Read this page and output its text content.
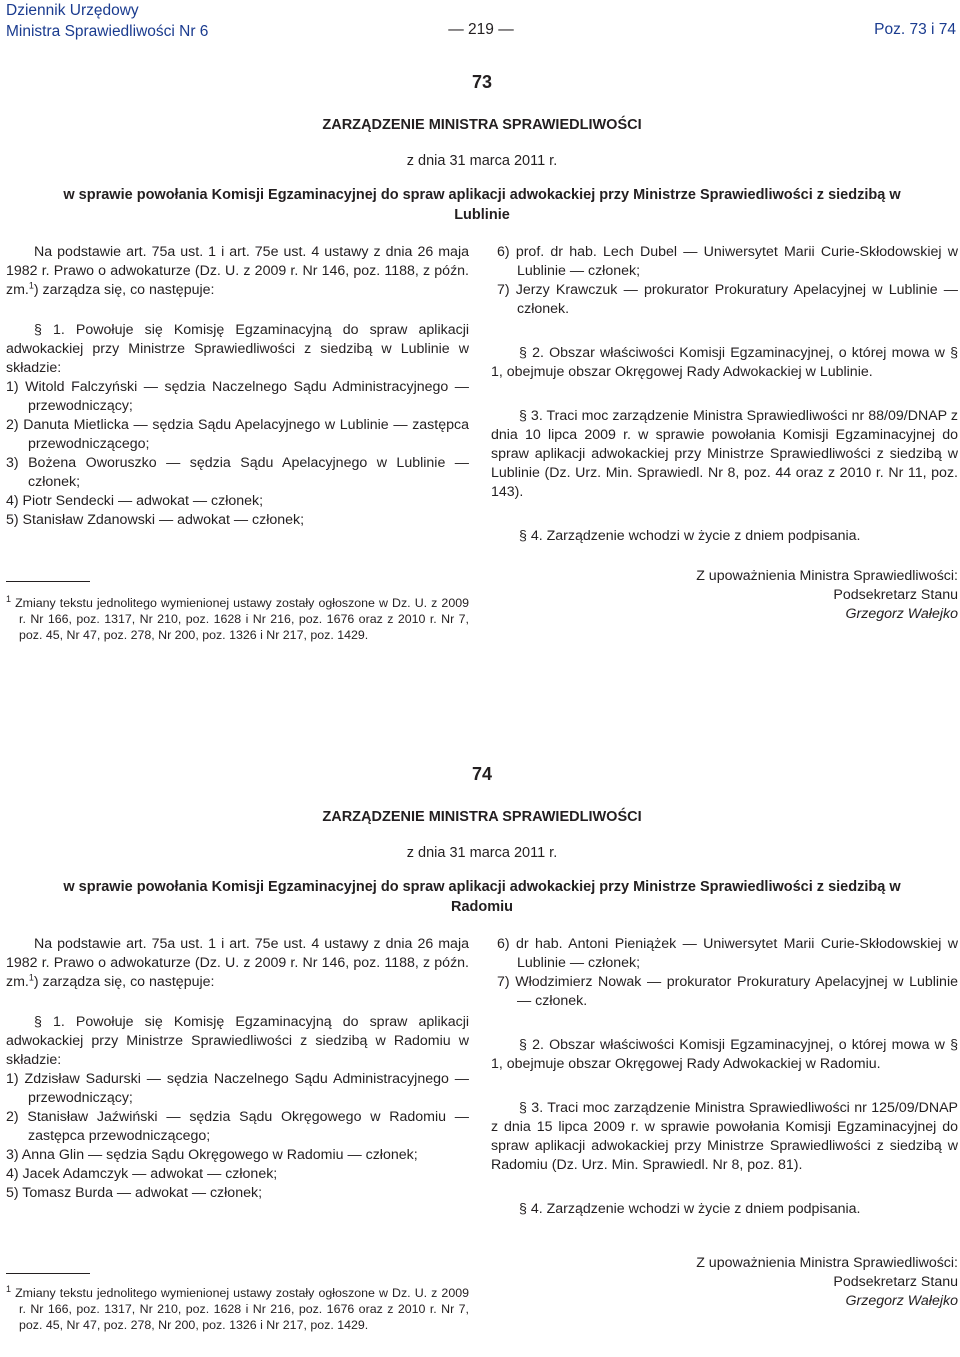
Dziennik Urzędowy
Ministra Sprawiedliwości Nr 6	— 219 —	Poz. 73 i 74
73
ZARZĄDZENIE MINISTRA SPRAWIEDLIWOŚCI
z dnia 31 marca 2011 r.
w sprawie powołania Komisji Egzaminacyjnej do spraw aplikacji adwokackiej przy Ministrze Sprawiedliwości z siedzibą w Lublinie

Na podstawie art. 75a ust. 1 i art. 75e ust. 4 ustawy z dnia 26 maja 1982 r. Prawo o adwokaturze (Dz. U. z 2009 r. Nr 146, poz. 1188, z późn. zm.$^1$) zarządza się, co następuje:

§ 1. Powołuje się Komisję Egzaminacyjną do spraw aplikacji adwokackiej przy Ministrze Sprawiedliwości z siedzibą w Lublinie w składzie:

1) Witold Falczyński — sędzia Naczelnego Sądu Administracyjnego — przewodniczący;

2) Danuta Mietlicka — sędzia Sądu Apelacyjnego w Lublinie — zastępca przewodniczącego;

3) Bożena Oworuszko — sędzia Sądu Apelacyjnego w Lublinie — członek;

4) Piotr Sendecki — adwokat — członek;

5) Stanisław Zdanowski — adwokat — członek;

$^1$ Zmiany tekstu jednolitego wymienionej ustawy zostały ogłoszone w Dz. U. z 2009 r. Nr 166, poz. 1317, Nr 210, poz. 1628 i Nr 216, poz. 1676 oraz z 2010 r. Nr 7, poz. 45, Nr 47, poz. 278, Nr 200, poz. 1326 i Nr 217, poz. 1429.

6) prof. dr hab. Lech Dubel — Uniwersytet Marii Curie-Skłodowskiej w Lublinie — członek;

7) Jerzy Krawczuk — prokurator Prokuratury Apelacyjnej w Lublinie — członek.

§ 2. Obszar właściwości Komisji Egzaminacyjnej, o której mowa w § 1, obejmuje obszar Okręgowej Rady Adwokackiej w Lublinie.

§ 3. Traci moc zarządzenie Ministra Sprawiedliwości nr 88/09/DNAP z dnia 10 lipca 2009 r. w sprawie powołania Komisji Egzaminacyjnej do spraw aplikacji adwokackiej przy Ministrze Sprawiedliwości z siedzibą w Lublinie (Dz. Urz. Min. Sprawiedl. Nr 8, poz. 44 oraz z 2010 r. Nr 11, poz. 143).

§ 4. Zarządzenie wchodzi w życie z dniem podpisania.

Z upoważnienia Ministra Sprawiedliwości:
Podsekretarz Stanu
Grzegorz Wałejko
74
ZARZĄDZENIE MINISTRA SPRAWIEDLIWOŚCI
z dnia 31 marca 2011 r.
w sprawie powołania Komisji Egzaminacyjnej do spraw aplikacji adwokackiej przy Ministrze Sprawiedliwości z siedzibą w Radomiu

Na podstawie art. 75a ust. 1 i art. 75e ust. 4 ustawy z dnia 26 maja 1982 r. Prawo o adwokaturze (Dz. U. z 2009 r. Nr 146, poz. 1188, z późn. zm.$^1$) zarządza się, co następuje:

§ 1. Powołuje się Komisję Egzaminacyjną do spraw aplikacji adwokackiej przy Ministrze Sprawiedliwości z siedzibą w Radomiu w składzie:

1) Zdzisław Sadurski — sędzia Naczelnego Sądu Administracyjnego — przewodniczący;

2) Stanisław Jaźwiński — sędzia Sądu Okręgowego w Radomiu — zastępca przewodniczącego;

3) Anna Glin — sędzia Sądu Okręgowego w Radomiu — członek;

4) Jacek Adamczyk — adwokat — członek;

5) Tomasz Burda — adwokat — członek;

$^1$ Zmiany tekstu jednolitego wymienionej ustawy zostały ogłoszone w Dz. U. z 2009 r. Nr 166, poz. 1317, Nr 210, poz. 1628 i Nr 216, poz. 1676 oraz z 2010 r. Nr 7, poz. 45, Nr 47, poz. 278, Nr 200, poz. 1326 i Nr 217, poz. 1429.

6) dr hab. Antoni Pieniążek — Uniwersytet Marii Curie-Skłodowskiej w Lublinie — członek;

7) Włodzimierz Nowak — prokurator Prokuratury Apelacyjnej w Lublinie — członek.

§ 2. Obszar właściwości Komisji Egzaminacyjnej, o której mowa w § 1, obejmuje obszar Okręgowej Rady Adwokackiej w Radomiu.

§ 3. Traci moc zarządzenie Ministra Sprawiedliwości nr 125/09/DNAP z dnia 15 lipca 2009 r. w sprawie powołania Komisji Egzaminacyjnej do spraw aplikacji adwokackiej przy Ministrze Sprawiedliwości z siedzibą w Radomiu (Dz. Urz. Min. Sprawiedl. Nr 8, poz. 81).

§ 4. Zarządzenie wchodzi w życie z dniem podpisania.

Z upoważnienia Ministra Sprawiedliwości:
Podsekretarz Stanu
Grzegorz Wałejko
